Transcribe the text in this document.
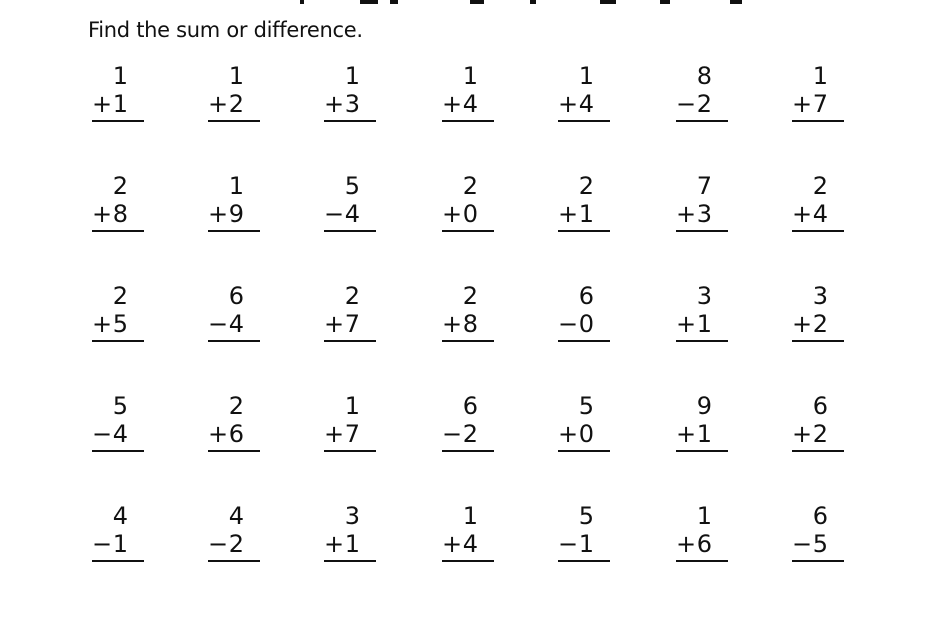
Find the sum or difference.
1
+ 1
1
+ 2
1
+ 3
1
+ 4
1
+ 4
8
− 2
1
+ 7
2
+ 8
1
+ 9
5
− 4
2
+ 0
2
+ 1
7
+ 3
2
+ 4
2
+ 5
6
− 4
2
+ 7
2
+ 8
6
− 0
3
+ 1
3
+ 2
5
− 4
2
+ 6
1
+ 7
6
− 2
5
+ 0
9
+ 1
6
+ 2
4
− 1
4
− 2
3
+ 1
1
+ 4
5
− 1
1
+ 6
6
− 5
